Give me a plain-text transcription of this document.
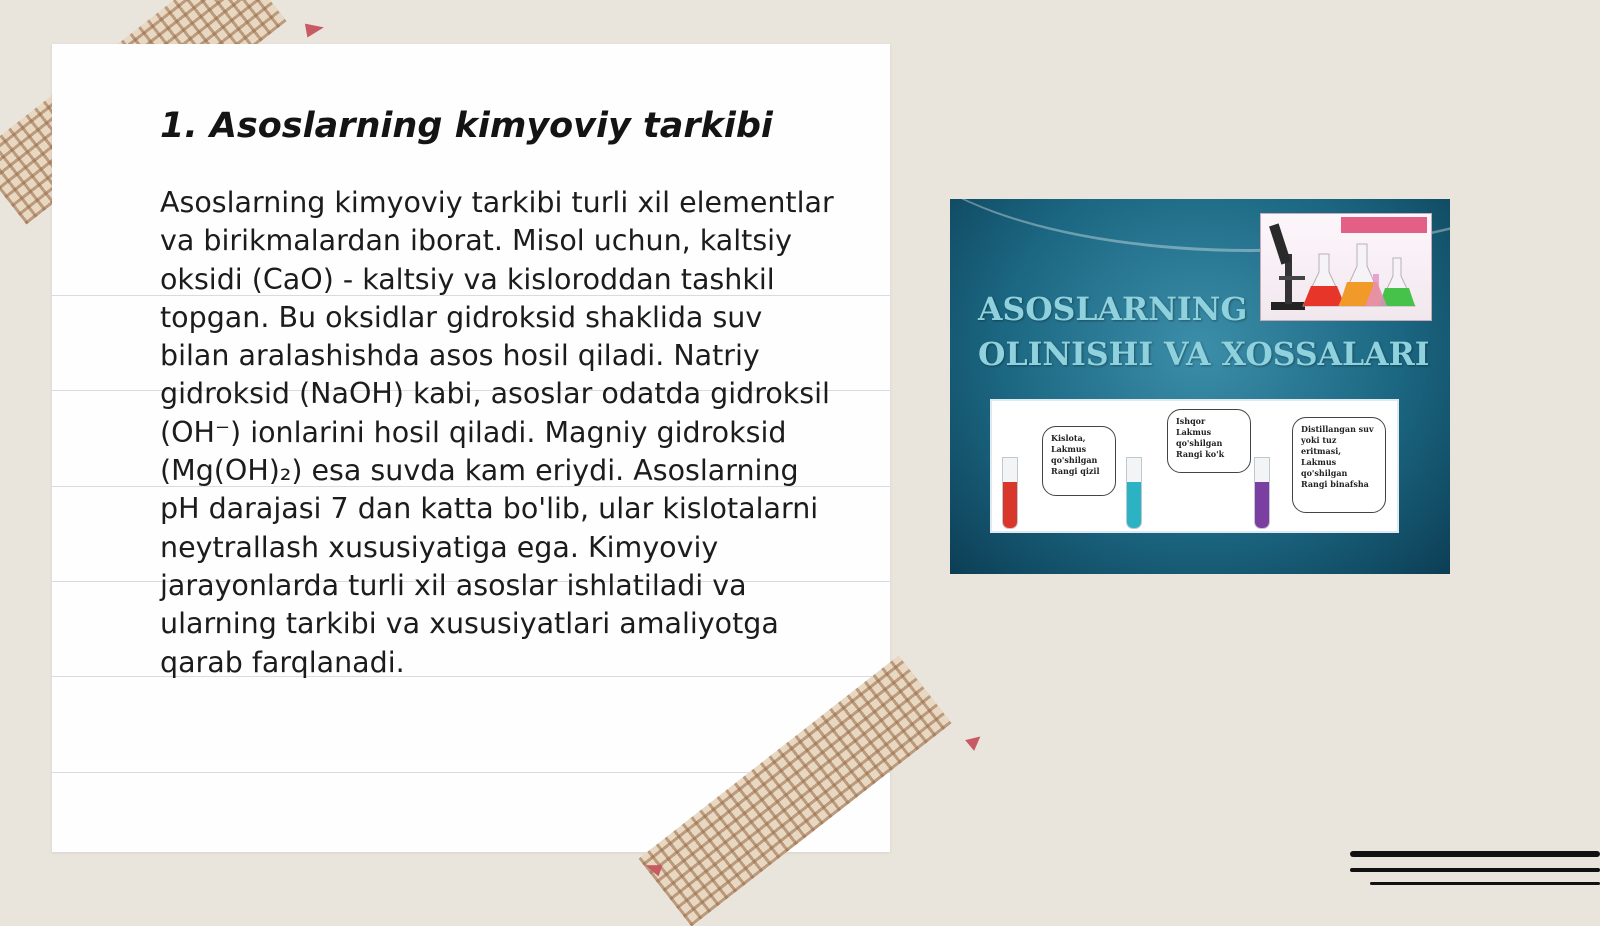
1. Asoslarning kimyoviy tarkibi

Asoslarning kimyoviy tarkibi turli xil elementlar va birikmalardan iborat. Misol uchun, kaltsiy oksidi (CaO) - kaltsiy va kisloroddan tashkil topgan. Bu oksidlar gidroksid shaklida suv bilan aralashishda asos hosil qiladi. Natriy gidroksid (NaOH) kabi, asoslar odatda gidroksil (OH⁻) ionlarini hosil qiladi. Magniy gidroksid (Mg(OH)₂) esa suvda kam eriydi. Asoslarning pH darajasi 7 dan katta bo'lib, ular kislotalarni neytrallash xususiyatiga ega. Kimyoviy jarayonlarda turli xil asoslar ishlatiladi va ularning tarkibi va xususiyatlari amaliyotga qarab farqlanadi.

ASOSLARNING
OLINISHI VA XOSSALARI
Kislota,
Lakmus
qo'shilgan
Rangi qizil
Ishqor
Lakmus
qo'shilgan
Rangi ko'k
Distillangan suv
yoki tuz eritmasi,
Lakmus
qo'shilgan
Rangi binafsha
